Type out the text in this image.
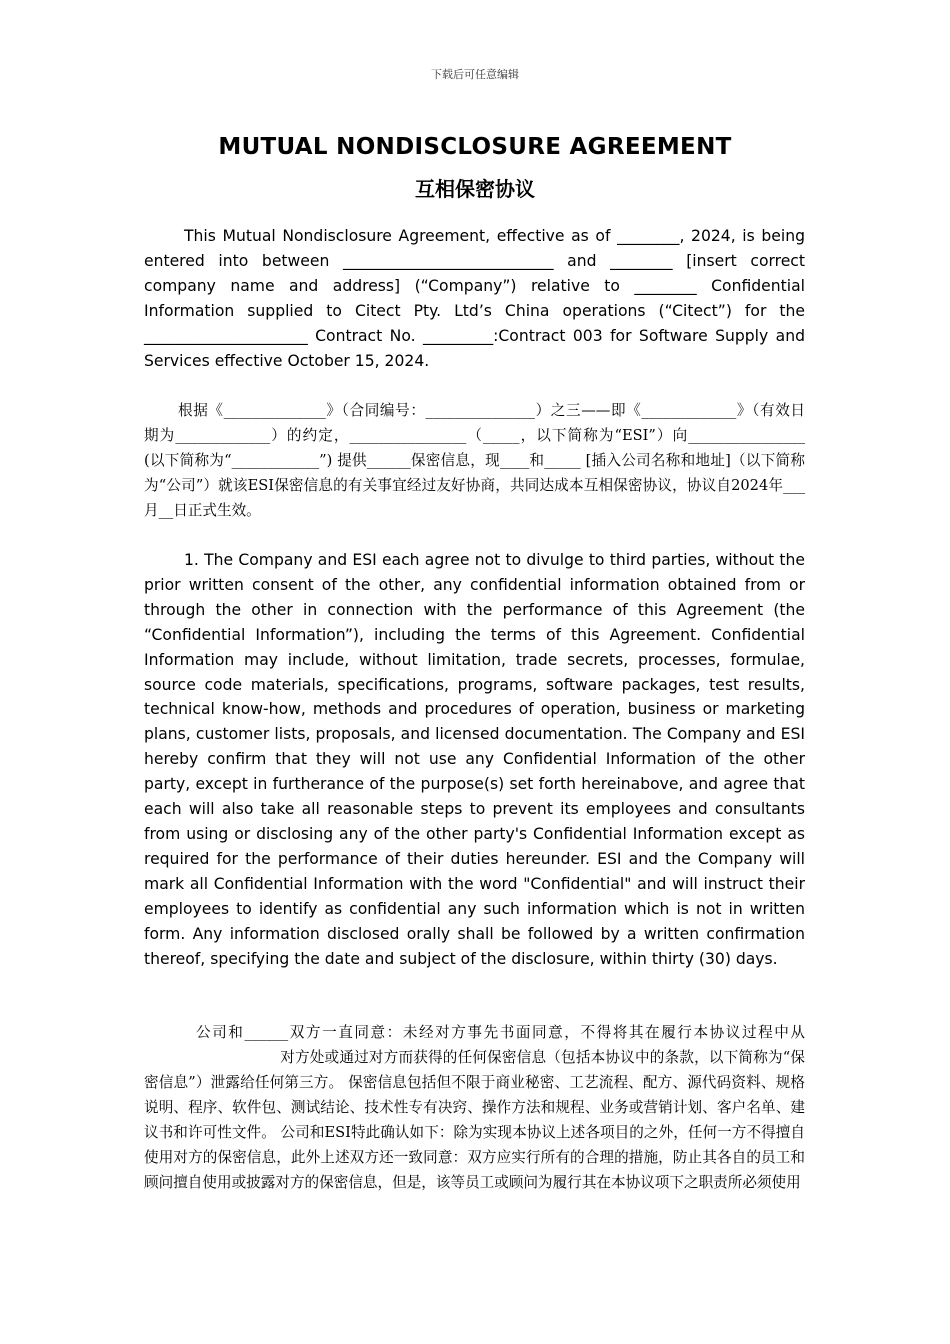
下载后可任意编辑
MUTUAL NONDISCLOSURE AGREEMENT
互相保密协议

This Mutual Nondisclosure Agreement, effective as of ________, 2024, is being entered into between ___________________________ and ________ [insert correct company name and address] (“Company”) relative to ________ Confidential Information supplied to Citect Pty. Ltd’s China operations (“Citect”) for the _____________________ Contract No. _________:Contract 003 for Software Supply and Services effective October 15, 2024.

根据《______________》（合同编号：_______________）之三——即《_____________》（有效日期为_____________）的约定，________________（_____，以下简称为“ESI”）向________________ (以下简称为“____________”) 提供______保密信息，现____和_____ [插入公司名称和地址]（以下简称为“公司”）就该ESI保密信息的有关事宜经过友好协商，共同达成本互相保密协议，协议自2024年___月__日正式生效。

1. The Company and ESI each agree not to divulge to third parties, without the prior written consent of the other, any confidential information obtained from or through the other in connection with the performance of this Agreement (the “Confidential Information”), including the terms of this Agreement. Confidential Information may include, without limitation, trade secrets, processes, formulae, source code materials, specifications, programs, software packages, test results, technical know-how, methods and procedures of operation, business or marketing plans, customer lists, proposals, and licensed documentation. The Company and ESI hereby confirm that they will not use any Confidential Information of the other party, except in furtherance of the purpose(s) set forth hereinabove, and agree that each will also take all reasonable steps to prevent its employees and consultants from using or disclosing any of the other party's Confidential Information except as required for the performance of their duties hereunder. ESI and the Company will mark all Confidential Information with the word "Confidential" and will instruct their employees to identify as confidential any such information which is not in written form. Any information disclosed orally shall be followed by a written confirmation thereof, specifying the date and subject of the disclosure, within thirty (30) days.

公司和______双方一直同意：未经对方事先书面同意，不得将其在履行本协议过程中从对方处或通过对方而获得的任何保密信息（包括本协议中的条款，以下简称为“保密信息”）泄露给任何第三方。 保密信息包括但不限于商业秘密、工艺流程、配方、源代码资料、规格说明、程序、软件包、测试结论、技术性专有决窍、操作方法和规程、业务或营销计划、客户名单、建议书和许可性文件。 公司和ESI特此确认如下：除为实现本协议上述各项目的之外，任何一方不得擅自使用对方的保密信息，此外上述双方还一致同意：双方应实行所有的合理的措施，防止其各自的员工和顾问擅自使用或披露对方的保密信息，但是，该等员工或顾问为履行其在本协议项下之职责所必须使用
